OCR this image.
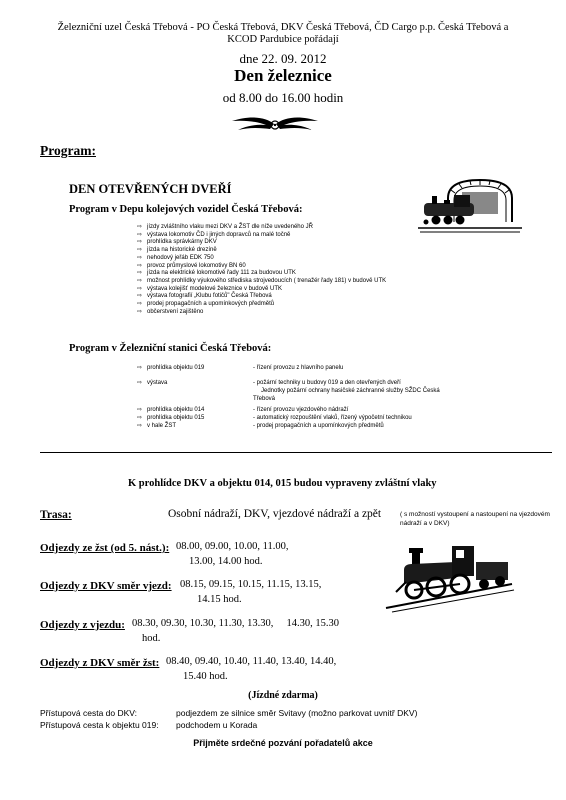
Železniční uzel Česká Třebová - PO Česká Třebová, DKV Česká Třebová, ČD Cargo p.p. Česká Třebová a
KCOD Pardubice pořádají
dne 22. 09. 2012
Den železnice
od 8.00 do 16.00 hodin
Program:
DEN OTEVŘENÝCH DVEŘÍ
Program v Depu kolejových vozidel Česká Třebová:
⇨ jízdy zvláštního vlaku mezi DKV a ŽST dle níže uvedeného JŘ
⇨ výstava lokomotiv ČD i jiných dopravců na malé točně
⇨ prohlídka správkárny DKV
⇨ jízda na historické drezíně
⇨ nehodový jeřáb EDK 750
⇨ provoz průmyslové lokomotivy BN 60
⇨ jízda na elektrické lokomotivě řady 111 za budovou UTK
⇨ možnost prohlídky výukového střediska strojvedoucích ( trenažér řady 181) v budově UTK
⇨ výstava kolejišť modelové železnice v budově UTK
⇨ výstava fotografií „Klubu fotičů" Česká Třebová
⇨ prodej propagačních a upomínkových předmětů
⇨ občerstvení zajištěno
Program v Železniční stanici Česká Třebová:
⇨ prohlídka objektu 019	- řízení provozu z hlavního panelu
⇨ výstava	- požární techniky u budovy 019 a den otevřených dveří
Jednotky požární ochrany hasičské záchranné služby SŽDC Česká
Třebová
⇨ prohlídka objektu 014	- řízení provozu vjezdového nádraží
⇨ prohlídka objektu 015	- automatický rozpouštění vlaků, řízený výpočetní technikou
⇨ v hale ŽST	- prodej propagačních a upomínkových předmětů
K prohlídce DKV a objektu 014, 015 budou vypraveny zvláštní vlaky
Trasa:	Osobní nádraží, DKV, vjezdové nádraží a zpět	( s možností vystoupení a nastoupení na vjezdovém nádraží a v DKV)
Odjezdy ze žst (od 5. nást.): 08.00, 09.00, 10.00, 11.00,
13.00, 14.00 hod.
Odjezdy z DKV směr vjezd: 08.15, 09.15, 10.15, 11.15, 13.15,
14.15 hod.
Odjezdy z vjezdu: 08.30, 09.30, 10.30, 11.30, 13.30,     14.30, 15.30
hod.
Odjezdy z DKV směr žst: 08.40, 09.40, 10.40, 11.40, 13.40, 14.40,
15.40 hod.
(Jízdné zdarma)
Přístupová cesta do DKV:	podjezdem ze silnice směr Svitavy (možno parkovat uvnitř DKV)
Přístupová cesta k objektu 019: podchodem u Korada
Přijměte srdečné pozvání pořadatelů akce
